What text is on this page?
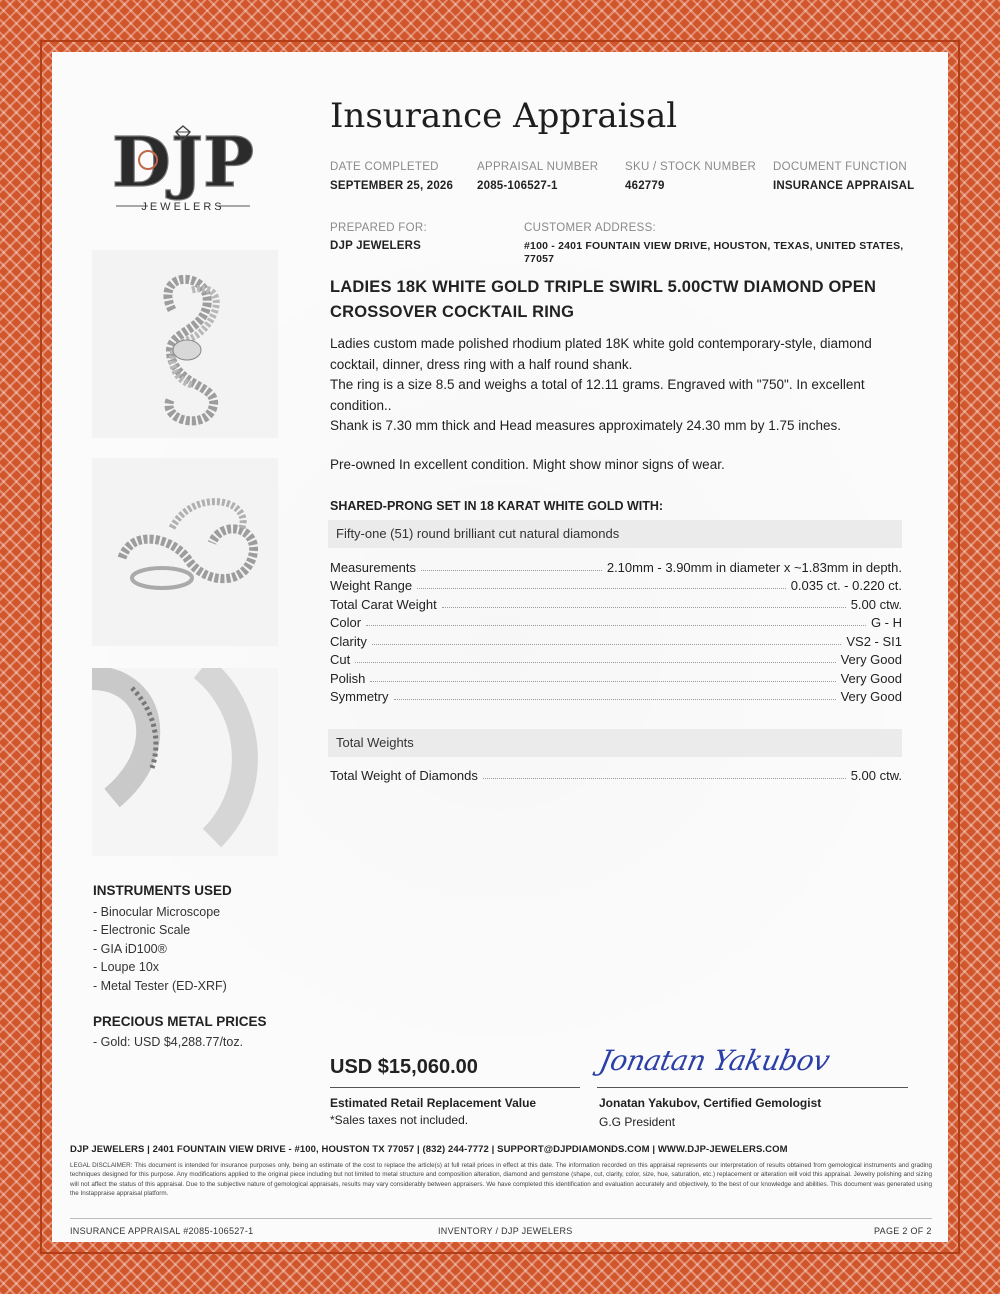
DJP
JEWELERS
Insurance Appraisal
DATE COMPLETED
SEPTEMBER 25, 2026
APPRAISAL NUMBER
2085-106527-1
SKU / STOCK NUMBER
462779
DOCUMENT FUNCTION
INSURANCE APPRAISAL
PREPARED FOR:
DJP JEWELERS
CUSTOMER ADDRESS:
#100 - 2401 FOUNTAIN VIEW DRIVE, HOUSTON, TEXAS, UNITED STATES,
77057
LADIES 18K WHITE GOLD TRIPLE SWIRL 5.00CTW DIAMOND OPEN
CROSSOVER COCKTAIL RING
Ladies custom made polished rhodium plated 18K white gold contemporary-style, diamond cocktail, dinner, dress ring with a half round shank.
The ring is a size 8.5 and weighs a total of 12.11 grams. Engraved with "750". In excellent condition..
Shank is 7.30 mm thick and Head measures approximately 24.30 mm by 1.75 inches.
Pre-owned In excellent condition. Might show minor signs of wear.
SHARED-PRONG SET IN 18 KARAT WHITE GOLD WITH:
Fifty-one (51) round brilliant cut natural diamonds
Measurements	2.10mm - 3.90mm in diameter x ~1.83mm in depth.
Weight Range	0.035 ct. - 0.220 ct.
Total Carat Weight	5.00 ctw.
Color	G - H
Clarity	VS2 - SI1
Cut	Very Good
Polish	Very Good
Symmetry	Very Good
Total Weights
Total Weight of Diamonds	5.00 ctw.
INSTRUMENTS USED
- Binocular Microscope
- Electronic Scale
- GIA iD100®
- Loupe 10x
- Metal Tester (ED-XRF)
PRECIOUS METAL PRICES
- Gold: USD $4,288.77/toz.
USD $15,060.00
Estimated Retail Replacement Value
*Sales taxes not included.
Jonatan Yakubov
Jonatan Yakubov, Certified Gemologist
G.G President
DJP JEWELERS | 2401 FOUNTAIN VIEW DRIVE - #100, HOUSTON TX 77057 | (832) 244-7772 | SUPPORT@DJPDIAMONDS.COM | WWW.DJP-JEWELERS.COM
LEGAL DISCLAIMER: This document is intended for insurance purposes only, being an estimate of the cost to replace the article(s) at full retail prices in effect at this date. The information recorded on this appraisal represents our interpretation of results obtained from gemological instruments and grading techniques designed for this purpose. Any modifications applied to the original piece including but not limited to metal structure and composition alteration, diamond and gemstone (shape, cut, clarity, color, size, hue, saturation, etc.) replacement or alteration will void this appraisal. Jewelry polishing and sizing will not affect the status of this appraisal. Due to the subjective nature of gemological appraisals, results may vary considerably between appraisers. We have completed this identification and evaluation accurately and objectively, to the best of our knowledge and abilities. This document was generated using the Instappraise appraisal platform.
INSURANCE APPRAISAL #2085-106527-1	INVENTORY / DJP JEWELERS	PAGE 2 OF 2
